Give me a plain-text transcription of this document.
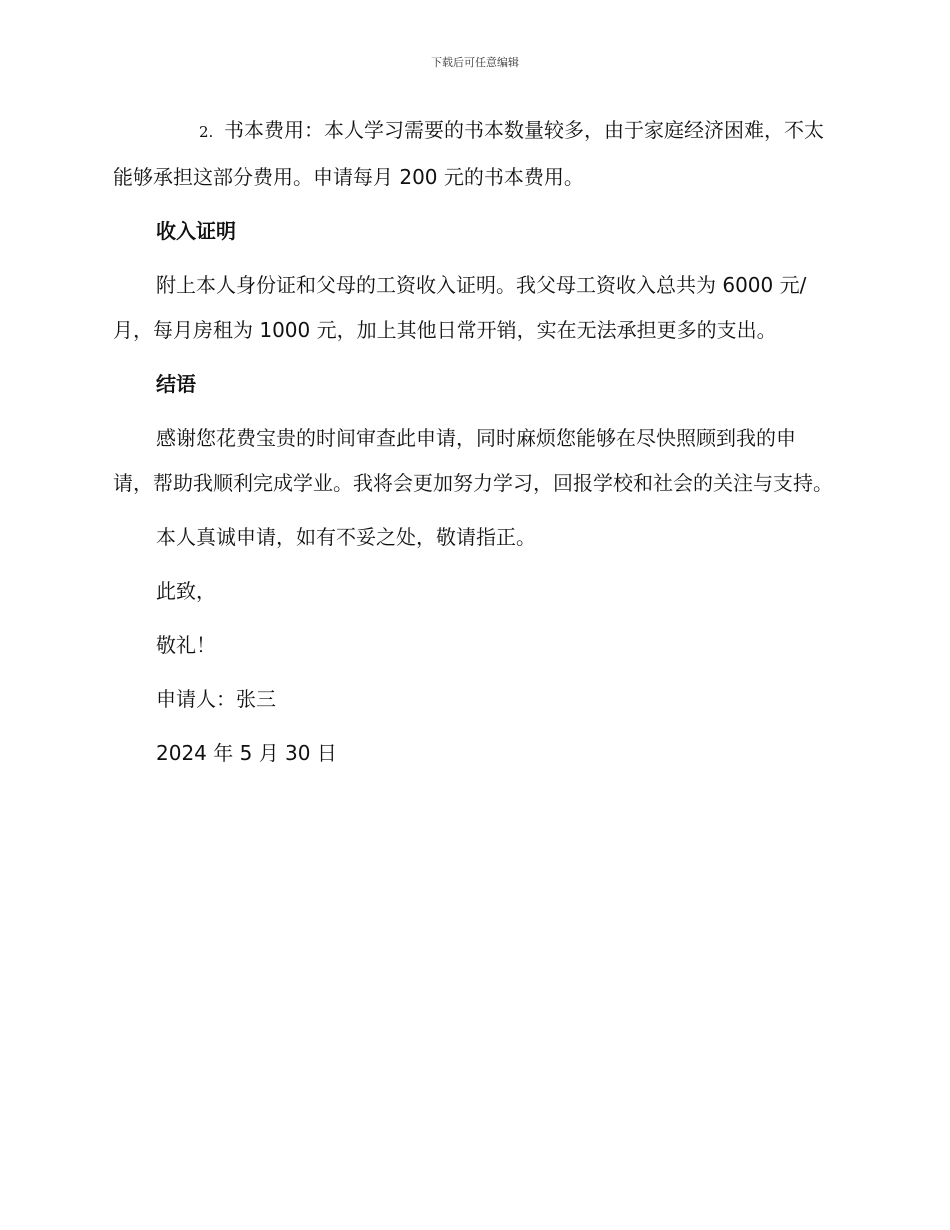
下载后可任意编辑

2. 书本费用：本人学习需要的书本数量较多，由于家庭经济困难，不太能够承担这部分费用。申请每月 200 元的书本费用。

收入证明

附上本人身份证和父母的工资收入证明。我父母工资收入总共为 6000 元/月，每月房租为 1000 元，加上其他日常开销，实在无法承担更多的支出。

结语

感谢您花费宝贵的时间审查此申请，同时麻烦您能够在尽快照顾到我的申请，帮助我顺利完成学业。我将会更加努力学习，回报学校和社会的关注与支持。

本人真诚申请，如有不妥之处，敬请指正。

此致，

敬礼！

申请人：张三

2024 年 5 月 30 日
